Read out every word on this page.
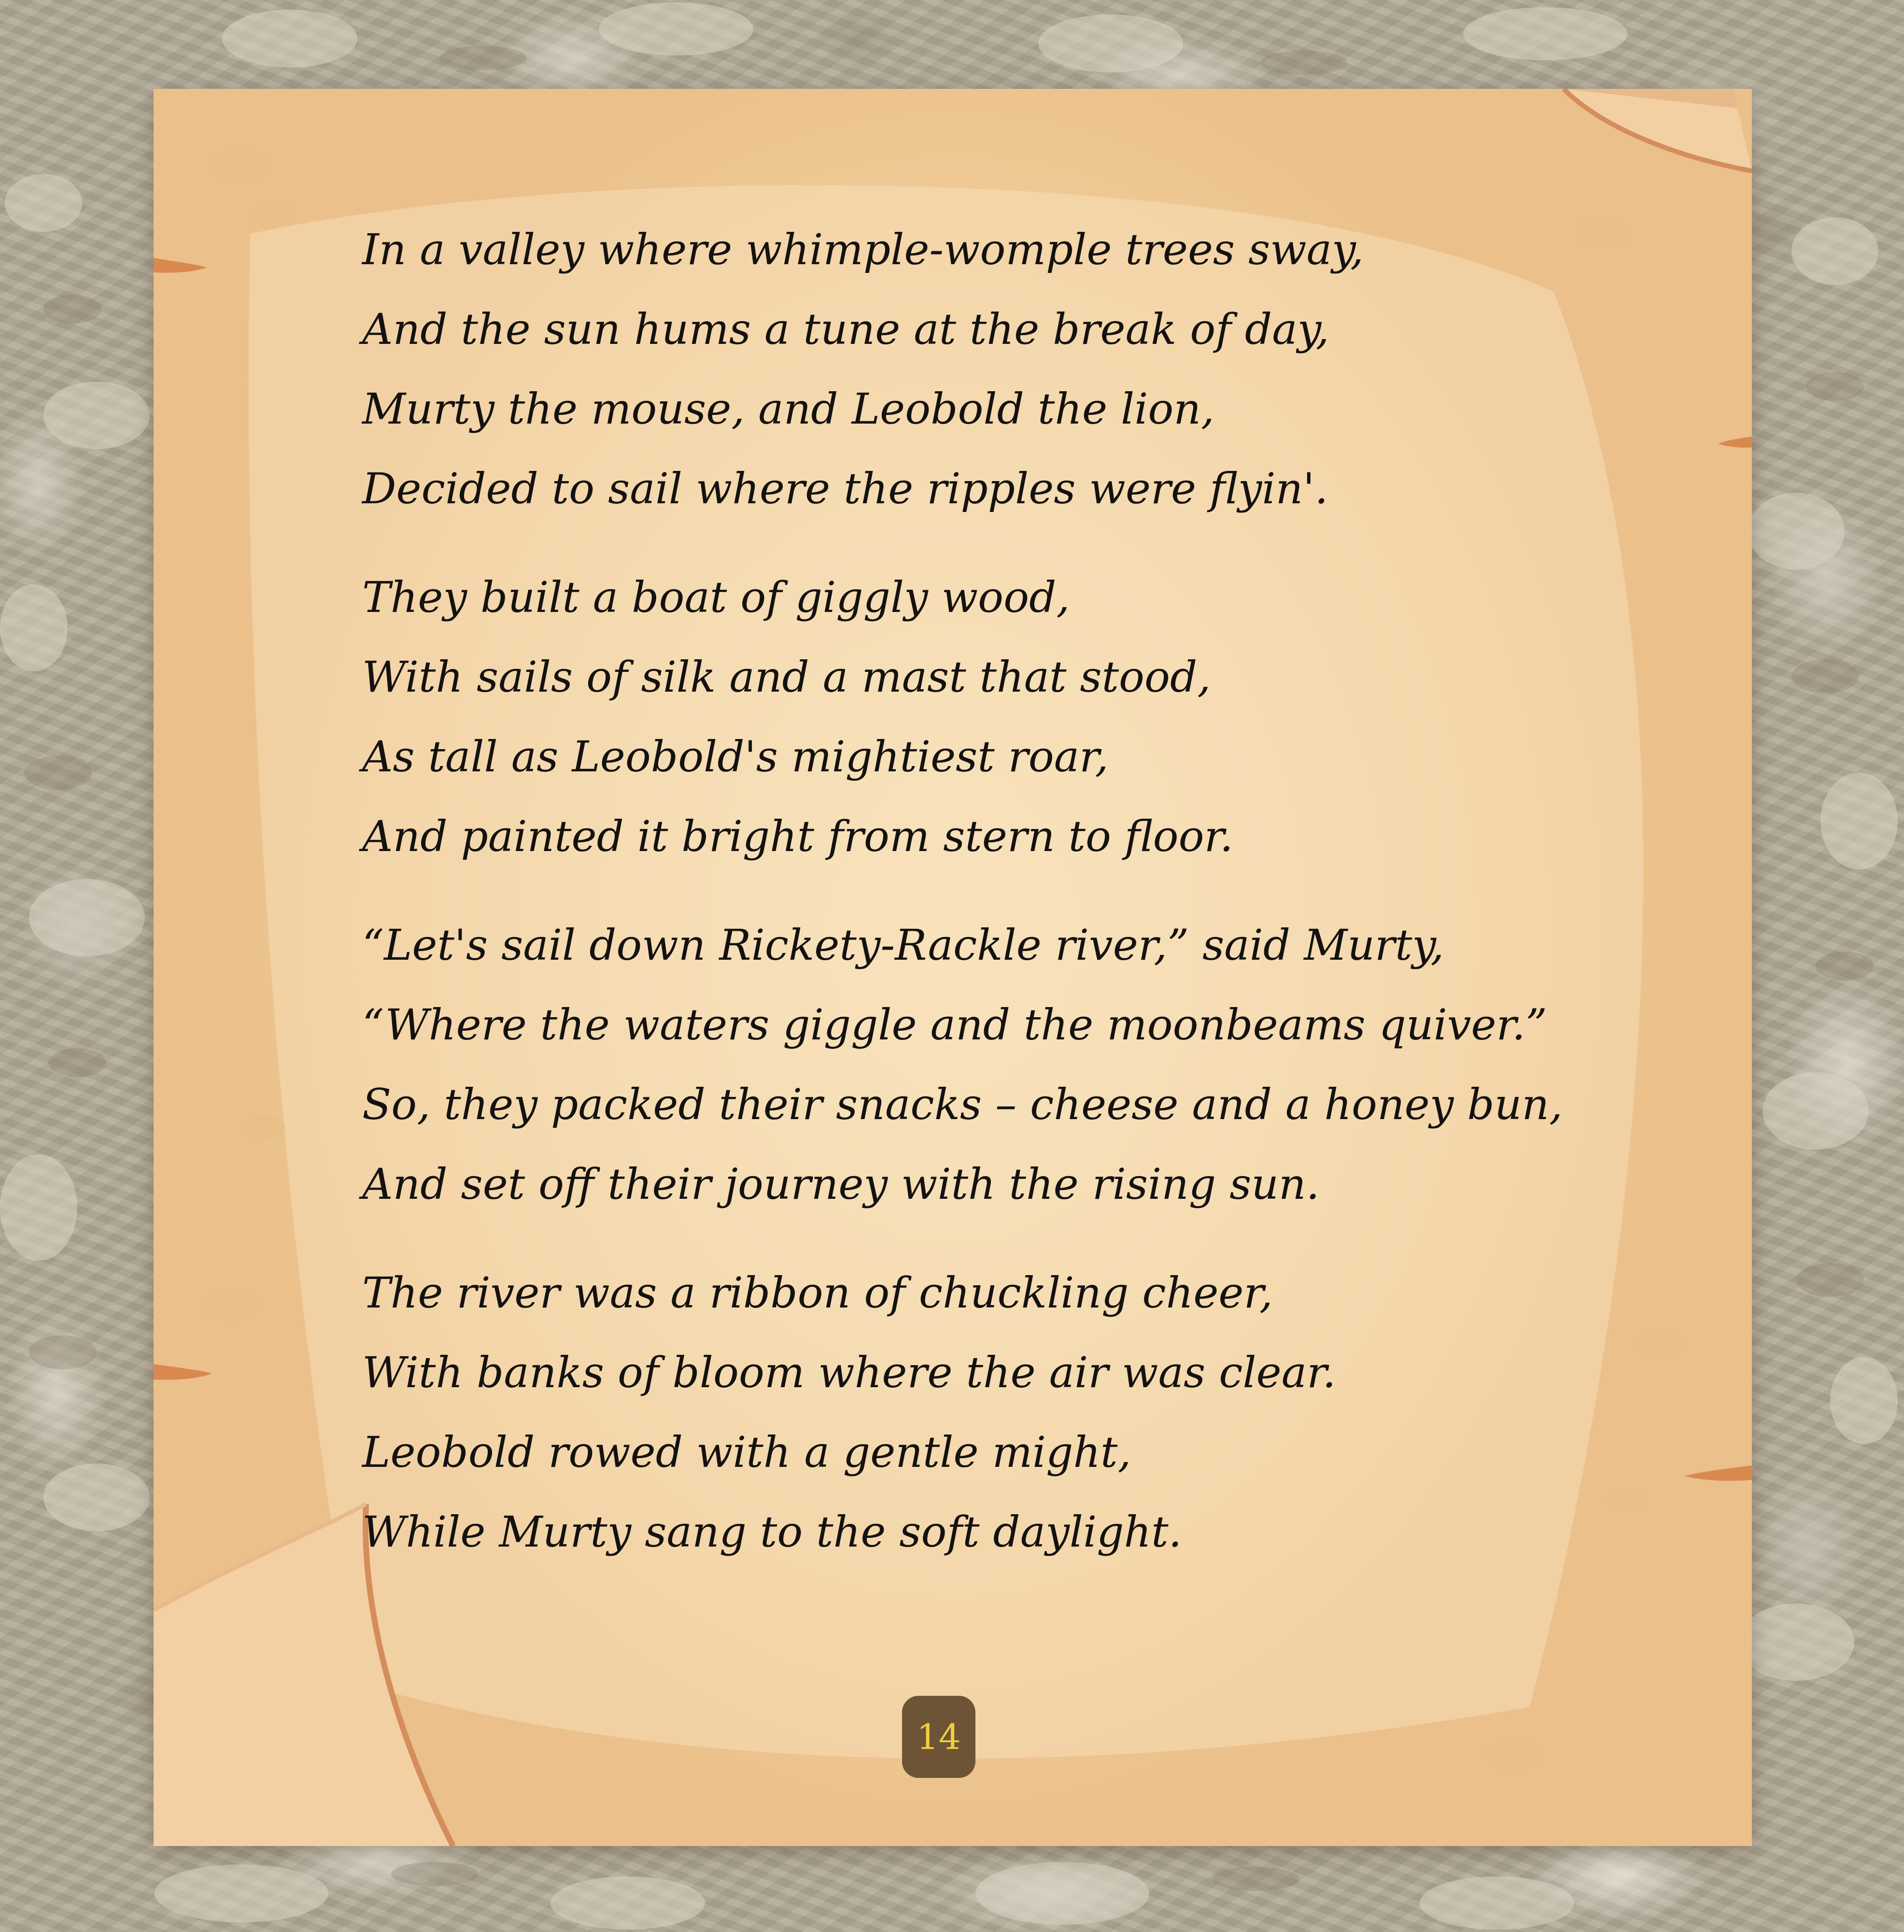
In a valley where whimple-womple trees sway,
And the sun hums a tune at the break of day,
Murty the mouse, and Leobold the lion,
Decided to sail where the ripples were flyin'.
They built a boat of giggly wood,
With sails of silk and a mast that stood,
As tall as Leobold's mightiest roar,
And painted it bright from stern to floor.
“Let's sail down Rickety-Rackle river,” said Murty,
“Where the waters giggle and the moonbeams quiver.”
So, they packed their snacks – cheese and a honey bun,
And set off their journey with the rising sun.
The river was a ribbon of chuckling cheer,
With banks of bloom where the air was clear.
Leobold rowed with a gentle might,
While Murty sang to the soft daylight.
14
